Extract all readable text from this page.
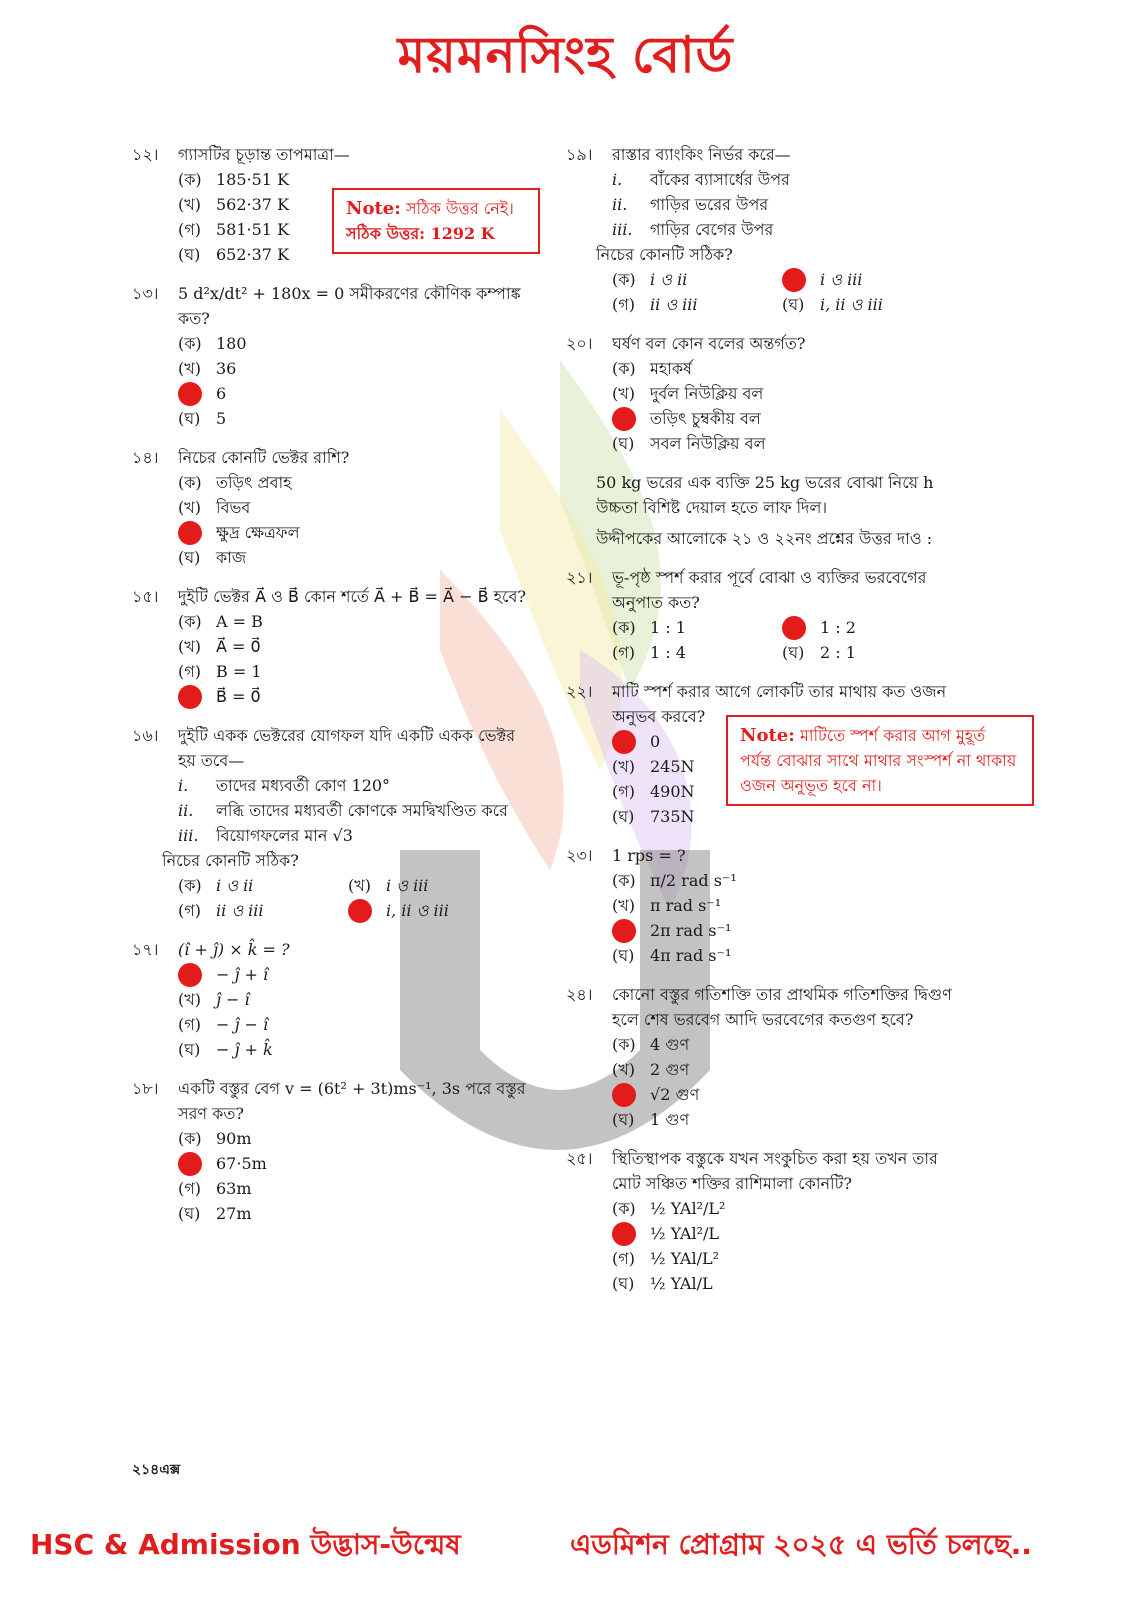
ময়মনসিংহ বোর্ড
Note: সঠিক উত্তর নেই।
সঠিক উত্তর: 1292 K
Note: মাটিতে স্পর্শ করার আগ মুহূর্ত
পর্যন্ত বোঝার সাথে মাথার সংস্পর্শ না থাকায়
ওজন অনুভূত হবে না।
১২।	গ্যাসটির চূড়ান্ত তাপমাত্রা—
(ক) 185·51 K
(খ) 562·37 K
(গ) 581·51 K
(ঘ) 652·37 K
১৩।	5 d²x/dt² + 180x = 0 সমীকরণের কৌণিক কম্পাঙ্ক কত?
(ক) 180
(খ) 36
6
(ঘ) 5
১৪।	নিচের কোনটি ভেক্টর রাশি?
(ক) তড়িৎ প্রবাহ
(খ) বিভব
ক্ষুদ্র ক্ষেত্রফল
(ঘ) কাজ
১৫।	দুইটি ভেক্টর A⃗ ও B⃗ কোন শর্তে A⃗ + B⃗ = A⃗ − B⃗ হবে?
(ক) A = B
(খ) A⃗ = 0⃗
(গ) B = 1
B⃗ = 0⃗
১৬।	দুইটি একক ভেক্টরের যোগফল যদি একটি একক ভেক্টর হয় তবে—
i. তাদের মধ্যবর্তী কোণ 120°
ii. লব্ধি তাদের মধ্যবর্তী কোণকে সমদ্বিখণ্ডিত করে
iii. বিয়োগফলের মান √3
নিচের কোনটি সঠিক?
(ক) i ও ii	(খ) i ও iii
(গ) ii ও iii	i, ii ও iii
১৭।	(î + ĵ) × k̂ = ?
− ĵ + î
(খ) ĵ − î
(গ) − ĵ − î
(ঘ) − ĵ + k̂
১৮।	একটি বস্তুর বেগ v = (6t² + 3t)ms⁻¹, 3s পরে বস্তুর সরণ কত?
(ক) 90m
67·5m
(গ) 63m
(ঘ) 27m
১৯।	রাস্তার ব্যাংকিং নির্ভর করে—
i. বাঁকের ব্যাসার্ধের উপর
ii. গাড়ির ভরের উপর
iii. গাড়ির বেগের উপর
নিচের কোনটি সঠিক?
(ক) i ও ii	i ও iii
(গ) ii ও iii	(ঘ) i, ii ও iii
২০।	ঘর্ষণ বল কোন বলের অন্তর্গত?
(ক) মহাকর্ষ
(খ) দুর্বল নিউক্লিয় বল
তড়িৎ চুম্বকীয় বল
(ঘ) সবল নিউক্লিয় বল
50 kg ভরের এক ব্যক্তি 25 kg ভরের বোঝা নিয়ে h
উচ্চতা বিশিষ্ট দেয়াল হতে লাফ দিল।
উদ্দীপকের আলোকে ২১ ও ২২নং প্রশ্নের উত্তর দাও :
২১।	ভূ-পৃষ্ঠ স্পর্শ করার পূর্বে বোঝা ও ব্যক্তির ভরবেগের অনুপাত কত?
(ক) 1 : 1	1 : 2
(গ) 1 : 4	(ঘ) 2 : 1
২২।	মাটি স্পর্শ করার আগে লোকটি তার মাথায় কত ওজন অনুভব করবে?
0
(খ) 245N
(গ) 490N
(ঘ) 735N
২৩।	1 rps = ?
(ক) π/2 rad s⁻¹
(খ) π rad s⁻¹
2π rad s⁻¹
(ঘ) 4π rad s⁻¹
২৪।	কোনো বস্তুর গতিশক্তি তার প্রাথমিক গতিশক্তির দ্বিগুণ হলে শেষ ভরবেগ আদি ভরবেগের কতগুণ হবে?
(ক) 4 গুণ
(খ) 2 গুণ
√2 গুণ
(ঘ) 1 গুণ
২৫।	স্থিতিস্থাপক বস্তুকে যখন সংকুচিত করা হয় তখন তার মোট সঞ্চিত শক্তির রাশিমালা কোনটি?
(ক) ½ YAl²/L²
½ YAl²/L
(গ) ½ YAl/L²
(ঘ) ½ YAl/L
২১৪এক্স
HSC & Admission উদ্ভাস-উন্মেষ	এডমিশন প্রোগ্রাম ২০২৫ এ ভর্তি চলছে..
